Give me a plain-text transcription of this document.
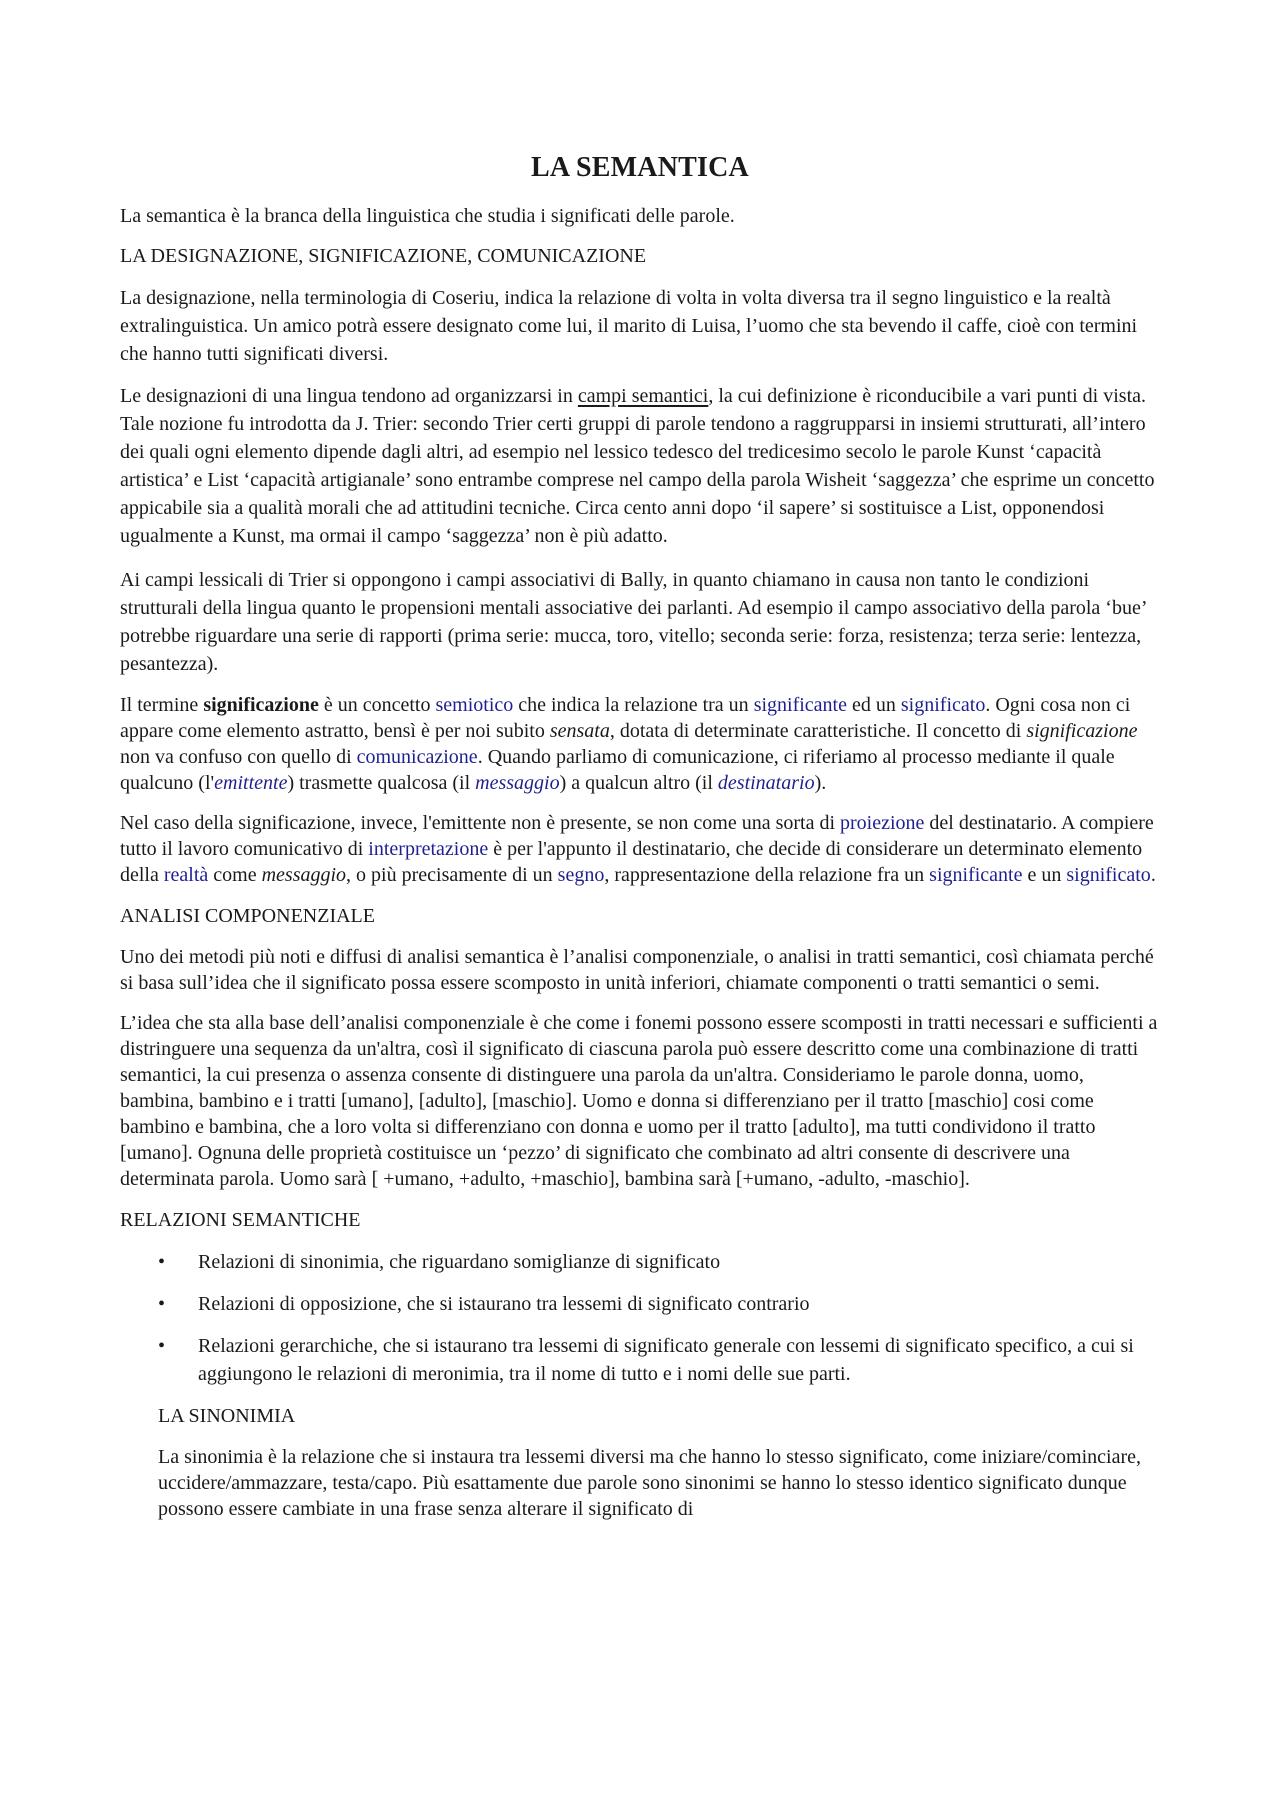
LA SEMANTICA

La semantica è la branca della linguistica che studia i significati delle parole.

LA DESIGNAZIONE, SIGNIFICAZIONE, COMUNICAZIONE

La designazione, nella terminologia di Coseriu, indica la relazione di volta in volta diversa tra il segno linguistico e la realtà extralinguistica. Un amico potrà essere designato come lui, il marito di Luisa, l’uomo che sta bevendo il caffe, cioè con termini che hanno tutti significati diversi.

Le designazioni di una lingua tendono ad organizzarsi in campi semantici, la cui definizione è riconducibile a vari punti di vista. Tale nozione fu introdotta da J. Trier: secondo Trier certi gruppi di parole tendono a raggrupparsi in insiemi strutturati, all’intero dei quali ogni elemento dipende dagli altri, ad esempio nel lessico tedesco del tredicesimo secolo le parole Kunst ‘capacità artistica’ e List ‘capacità artigianale’ sono entrambe comprese nel campo della parola Wisheit ‘saggezza’ che esprime un concetto appicabile sia a qualità morali che ad attitudini tecniche. Circa cento anni dopo ‘il sapere’ si sostituisce a List, opponendosi ugualmente a Kunst, ma ormai il campo ‘saggezza’ non è più adatto.

Ai campi lessicali di Trier si oppongono i campi associativi di Bally, in quanto chiamano in causa non tanto le condizioni strutturali della lingua quanto le propensioni mentali associative dei parlanti. Ad esempio il campo associativo della parola ‘bue’ potrebbe riguardare una serie di rapporti (prima serie: mucca, toro, vitello; seconda serie: forza, resistenza; terza serie: lentezza, pesantezza).

Il termine significazione è un concetto semiotico che indica la relazione tra un significante ed un significato. Ogni cosa non ci appare come elemento astratto, bensì è per noi subito sensata, dotata di determinate caratteristiche. Il concetto di significazione non va confuso con quello di comunicazione. Quando parliamo di comunicazione, ci riferiamo al processo mediante il quale qualcuno (l'emittente) trasmette qualcosa (il messaggio) a qualcun altro (il destinatario).

Nel caso della significazione, invece, l'emittente non è presente, se non come una sorta di proiezione del destinatario. A compiere tutto il lavoro comunicativo di interpretazione è per l'appunto il destinatario, che decide di considerare un determinato elemento della realtà come messaggio, o più precisamente di un segno, rappresentazione della relazione fra un significante e un significato.

ANALISI COMPONENZIALE

Uno dei metodi più noti e diffusi di analisi semantica è l’analisi componenziale, o analisi in tratti semantici, così chiamata perché si basa sull’idea che il significato possa essere scomposto in unità inferiori, chiamate componenti o tratti semantici o semi.

L’idea che sta alla base dell’analisi componenziale è che come i fonemi possono essere scomposti in tratti necessari e sufficienti a distringuere una sequenza da un'altra, così il significato di ciascuna parola può essere descritto come una combinazione di tratti semantici, la cui presenza o assenza consente di distinguere una parola da un'altra. Consideriamo le parole donna, uomo, bambina, bambino e i tratti [umano], [adulto], [maschio]. Uomo e donna si differenziano per il tratto [maschio] cosi come bambino e bambina, che a loro volta si differenziano con donna e uomo per il tratto [adulto], ma tutti condividono il tratto [umano]. Ognuna delle proprietà costituisce un ‘pezzo’ di significato che combinato ad altri consente di descrivere una determinata parola. Uomo sarà [ +umano, +adulto, +maschio], bambina sarà [+umano, -adulto, -maschio].

RELAZIONI SEMANTICHE

• Relazioni di sinonimia, che riguardano somiglianze di significato
• Relazioni di opposizione, che si istaurano tra lessemi di significato contrario
• Relazioni gerarchiche, che si istaurano tra lessemi di significato generale con lessemi di significato specifico, a cui si aggiungono le relazioni di meronimia, tra il nome di tutto e i nomi delle sue parti.

LA SINONIMIA

La sinonimia è la relazione che si instaura tra lessemi diversi ma che hanno lo stesso significato, come iniziare/cominciare, uccidere/ammazzare, testa/capo. Più esattamente due parole sono sinonimi se hanno lo stesso identico significato dunque possono essere cambiate in una frase senza alterare il significato di
